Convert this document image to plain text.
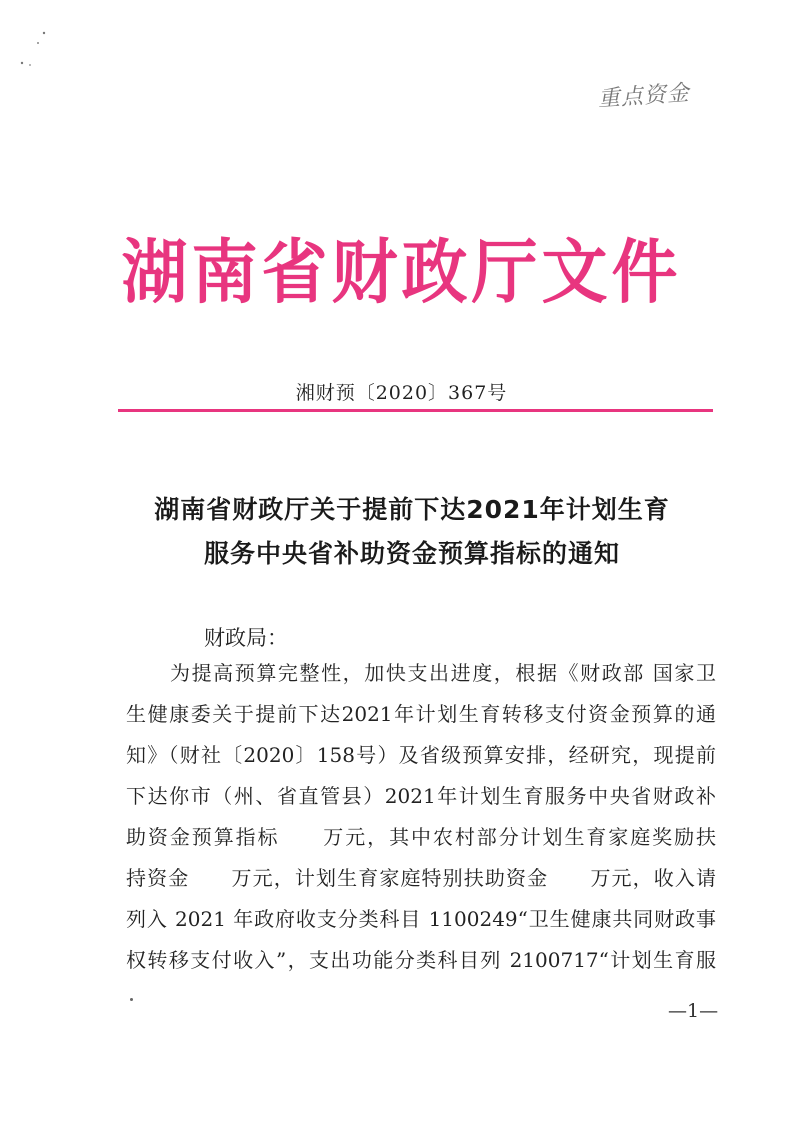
重点资金
湖南省财政厅文件
湘财预〔2020〕367号
湖南省财政厅关于提前下达2021年计划生育
服务中央省补助资金预算指标的通知
财政局：
为提高预算完整性，加快支出进度，根据《财政部 国家卫
生健康委关于提前下达2021年计划生育转移支付资金预算的通
知》（财社〔2020〕158号）及省级预算安排，经研究，现提前
下达你市（州、省直管县）2021年计划生育服务中央省财政补
助资金预算指标　　万元，其中农村部分计划生育家庭奖励扶
持资金　　万元，计划生育家庭特别扶助资金　　万元，收入请
列入 2021 年政府收支分类科目 1100249“卫生健康共同财政事
权转移支付收入”，支出功能分类科目列 2100717“计划生育服
—1—
